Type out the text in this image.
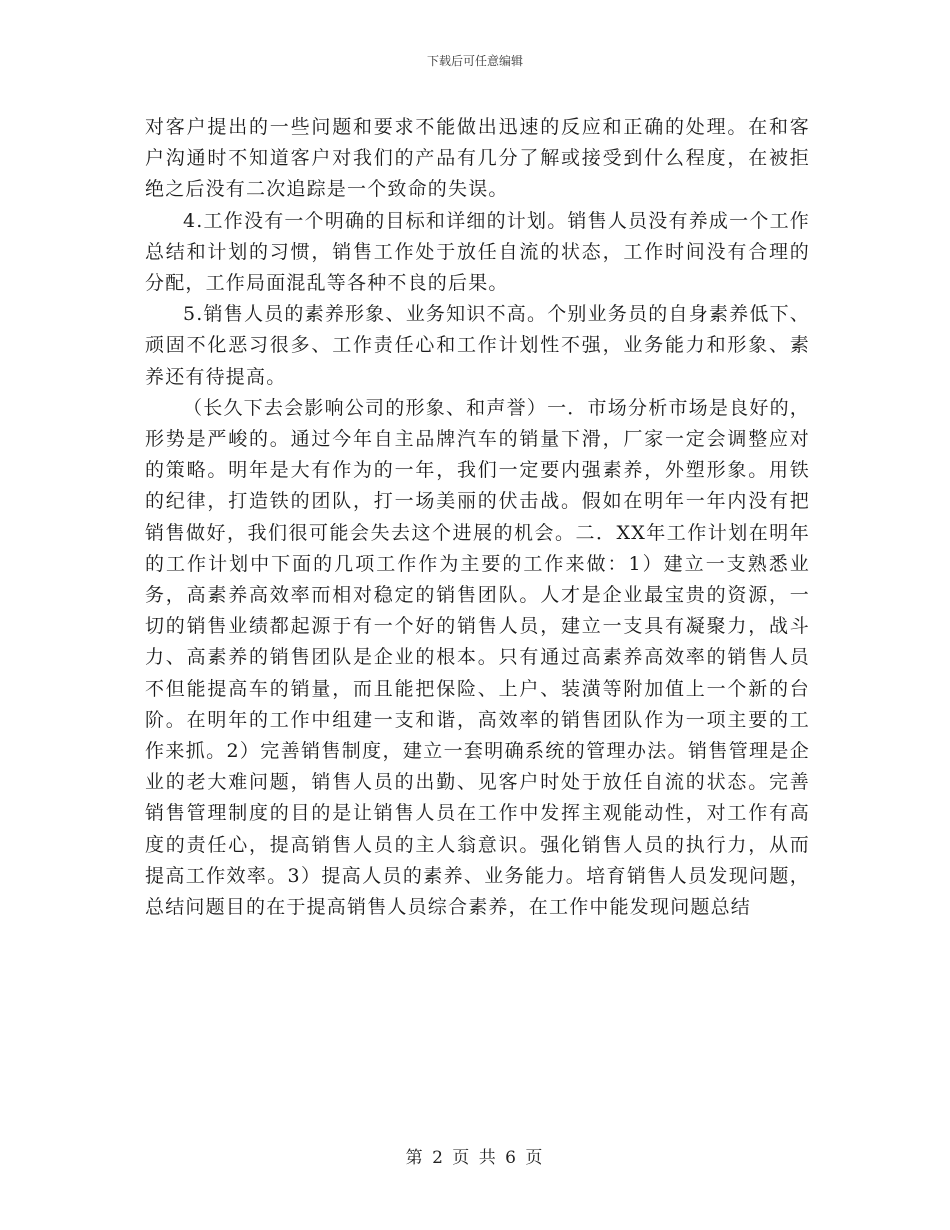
下载后可任意编辑

对客户提出的一些问题和要求不能做出迅速的反应和正确的处理。在和客户沟通时不知道客户对我们的产品有几分了解或接受到什么程度，在被拒绝之后没有二次追踪是一个致命的失误。

4.工作没有一个明确的目标和详细的计划。销售人员没有养成一个工作总结和计划的习惯，销售工作处于放任自流的状态，工作时间没有合理的分配，工作局面混乱等各种不良的后果。

5.销售人员的素养形象、业务知识不高。个别业务员的自身素养低下、顽固不化恶习很多、工作责任心和工作计划性不强，业务能力和形象、素养还有待提高。

（长久下去会影响公司的形象、和声誉）一．市场分析市场是良好的，形势是严峻的。通过今年自主品牌汽车的销量下滑，厂家一定会调整应对的策略。明年是大有作为的一年，我们一定要内强素养，外塑形象。用铁的纪律，打造铁的团队，打一场美丽的伏击战。假如在明年一年内没有把销售做好，我们很可能会失去这个进展的机会。二．XX年工作计划在明年的工作计划中下面的几项工作作为主要的工作来做：1）建立一支熟悉业务，高素养高效率而相对稳定的销售团队。人才是企业最宝贵的资源，一切的销售业绩都起源于有一个好的销售人员，建立一支具有凝聚力，战斗力、高素养的销售团队是企业的根本。只有通过高素养高效率的销售人员不但能提高车的销量，而且能把保险、上户、装潢等附加值上一个新的台阶。在明年的工作中组建一支和谐，高效率的销售团队作为一项主要的工作来抓。2）完善销售制度，建立一套明确系统的管理办法。销售管理是企业的老大难问题，销售人员的出勤、见客户时处于放任自流的状态。完善销售管理制度的目的是让销售人员在工作中发挥主观能动性，对工作有高度的责任心，提高销售人员的主人翁意识。强化销售人员的执行力，从而提高工作效率。3）提高人员的素养、业务能力。培育销售人员发现问题，总结问题目的在于提高销售人员综合素养，在工作中能发现问题总结

第 2 页 共 6 页
